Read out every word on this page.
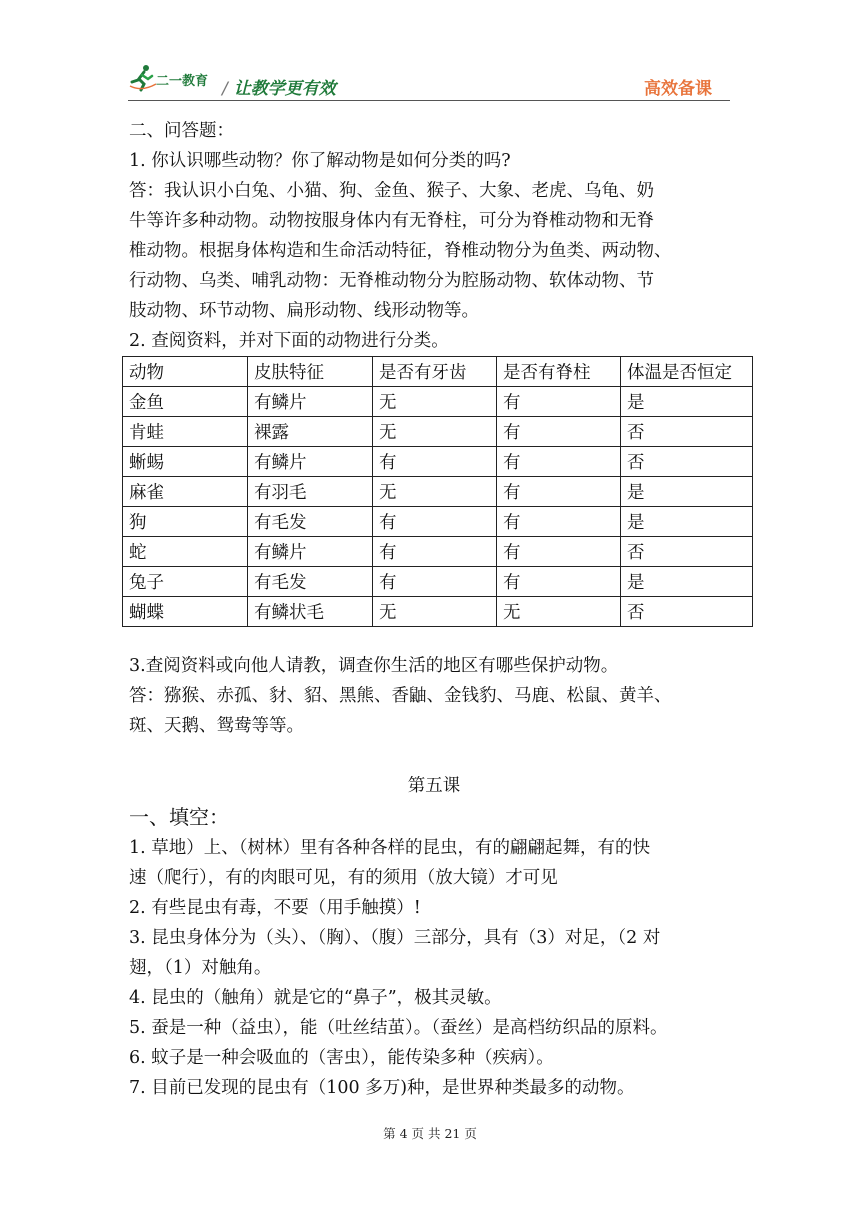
二一教育 / 让教学更有效	高效备课

二、问答题：

1. 你认识哪些动物？你了解动物是如何分类的吗?

答：我认识小白兔、小猫、狗、金鱼、猴子、大象、老虎、乌龟、奶

牛等许多种动物。动物按服身体内有无脊柱，可分为脊椎动物和无脊

椎动物。根据身体构造和生命活动特征，脊椎动物分为鱼类、两动物、

行动物、乌类、哺乳动物：无脊椎动物分为腔肠动物、软体动物、节

肢动物、环节动物、扁形动物、线形动物等。

2. 查阅资料，并对下面的动物进行分类。

动物	皮肤特征	是否有牙齿	是否有脊柱	体温是否恒定
金鱼	有鳞片	无	有	是
肯蛙	裸露	无	有	否
蜥蜴	有鳞片	有	有	否
麻雀	有羽毛	无	有	是
狗	有毛发	有	有	是
蛇	有鳞片	有	有	否
兔子	有毛发	有	有	是
蝴蝶	有鳞状毛	无	无	否

3.查阅资料或向他人请教，调查你生活的地区有哪些保护动物。

答：猕猴、赤孤、豺、貂、黑熊、香鼬、金钱豹、马鹿、松鼠、黄羊、

斑、天鹅、鸳鸯等等。

第五课

一、填空：

1. 草地）上、（树林）里有各种各样的昆虫，有的翩翩起舞，有的快

速（爬行），有的肉眼可见，有的须用（放大镜）才可见

2. 有些昆虫有毒，不要（用手触摸）!

3. 昆虫身体分为（头）、（胸）、（腹）三部分，具有（3）对足，（2 对

翅，（1）对触角。

4. 昆虫的（触角）就是它的“鼻子”，极其灵敏。

5. 蚕是一种（益虫），能（吐丝结茧）。（蚕丝）是高档纺织品的原料。

6. 蚊子是一种会吸血的（害虫），能传染多种（疾病）。

7. 目前已发现的昆虫有（100 多万)种，是世界种类最多的动物。

第 4 页 共 21 页
